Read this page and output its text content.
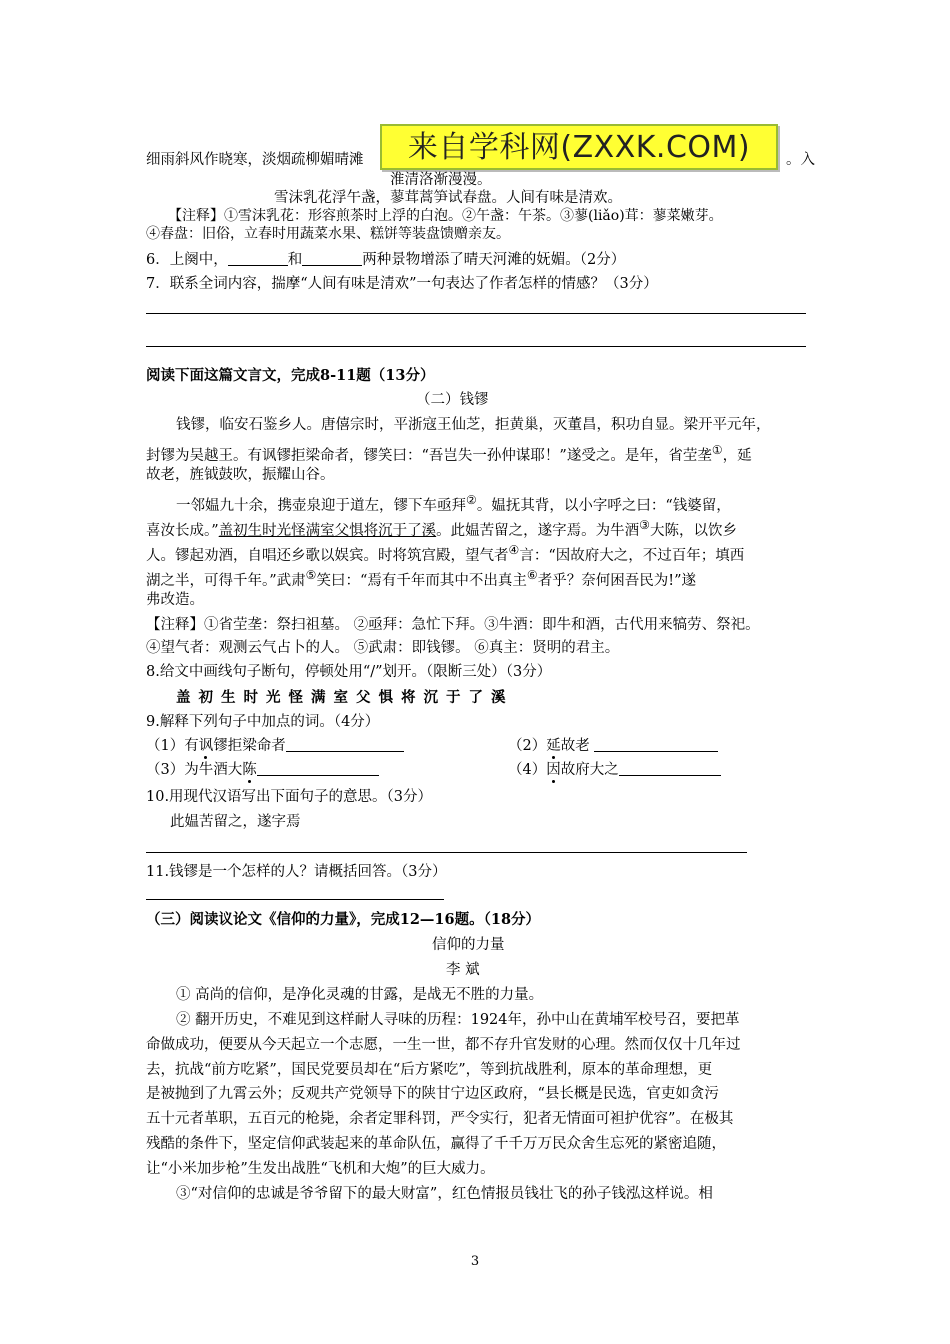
细雨斜风作晓寒，淡烟疏柳媚晴滩	。入
来自学科网(ZXXK.COM)
淮清洛渐漫漫。
雪沫乳花浮午盏，蓼茸蒿笋试春盘。人间有味是清欢。
【注释】①雪沫乳花：形容煎茶时上浮的白泡。②午盏：午茶。③蓼(liǎo)茸：蓼菜嫩芽。
④春盘：旧俗，立春时用蔬菜水果、糕饼等装盘馈赠亲友。
6．上阕中，	和	两种景物增添了晴天河滩的妩媚。（2分）
7．联系全词内容，揣摩“人间有味是清欢”一句表达了作者怎样的情感？（3分）
阅读下面这篇文言文，完成8-11题（13分）
（二）钱镠
钱镠，临安石鉴乡人。唐僖宗时，平浙寇王仙芝，拒黄巢，灭董昌，积功自显。梁开平元年，
封镠为吴越王。有讽镠拒梁命者，镠笑曰：“吾岂失一孙仲谋耶！”遂受之。是年，省茔垄①，延
故老，旌钺鼓吹，振耀山谷。
一邻媪九十余，携壶泉迎于道左，镠下车亟拜②。媪抚其背，以小字呼之曰：“钱婆留，
喜汝长成。”盖初生时光怪满室父惧将沉于了溪。此媪苦留之，遂字焉。为牛酒③大陈，以饮乡
人。镠起劝酒，自唱还乡歌以娱宾。时将筑宫殿，望气者④言：“因故府大之，不过百年；填西
湖之半，可得千年。”武肃⑤笑曰：“焉有千年而其中不出真主⑥者乎？奈何困吾民为!”遂
弗改造。
【注释】①省茔垄：祭扫祖墓。 ②亟拜：急忙下拜。③牛酒：即牛和酒，古代用来犒劳、祭祀。
④望气者：观测云气占卜的人。 ⑤武肃：即钱镠。 ⑥真主：贤明的君主。
8.给文中画线句子断句，停顿处用“/”划开。（限断三处）（3分）
盖初生时光怪满室父惧将沉于了溪
9.解释下列句子中加点的词。（4分）
（1）有讽镠拒梁命者	（2）延故老
（3）为牛酒大陈	（4）因故府大之
10.用现代汉语写出下面句子的意思。（3分）
此媪苦留之，遂字焉
11.钱镠是一个怎样的人？请概括回答。（3分）
（三）阅读议论文《信仰的力量》，完成12—16题。（18分）
信仰的力量
李 斌
① 高尚的信仰，是净化灵魂的甘露，是战无不胜的力量。
② 翻开历史，不难见到这样耐人寻味的历程：1924年，孙中山在黄埔军校号召，要把革
命做成功，便要从今天起立一个志愿，一生一世，都不存升官发财的心理。然而仅仅十几年过
去，抗战“前方吃紧”，国民党要员却在“后方紧吃”，等到抗战胜利，原本的革命理想，更
是被抛到了九霄云外；反观共产党领导下的陕甘宁边区政府，“县长概是民选，官吏如贪污
五十元者革职，五百元的枪毙，余者定罪科罚，严令实行，犯者无情面可袒护优容”。在极其
残酷的条件下，坚定信仰武装起来的革命队伍，赢得了千千万万民众舍生忘死的紧密追随，
让“小米加步枪”生发出战胜“飞机和大炮”的巨大威力。
③“对信仰的忠诚是爷爷留下的最大财富”，红色情报员钱壮飞的孙子钱泓这样说。相
3
